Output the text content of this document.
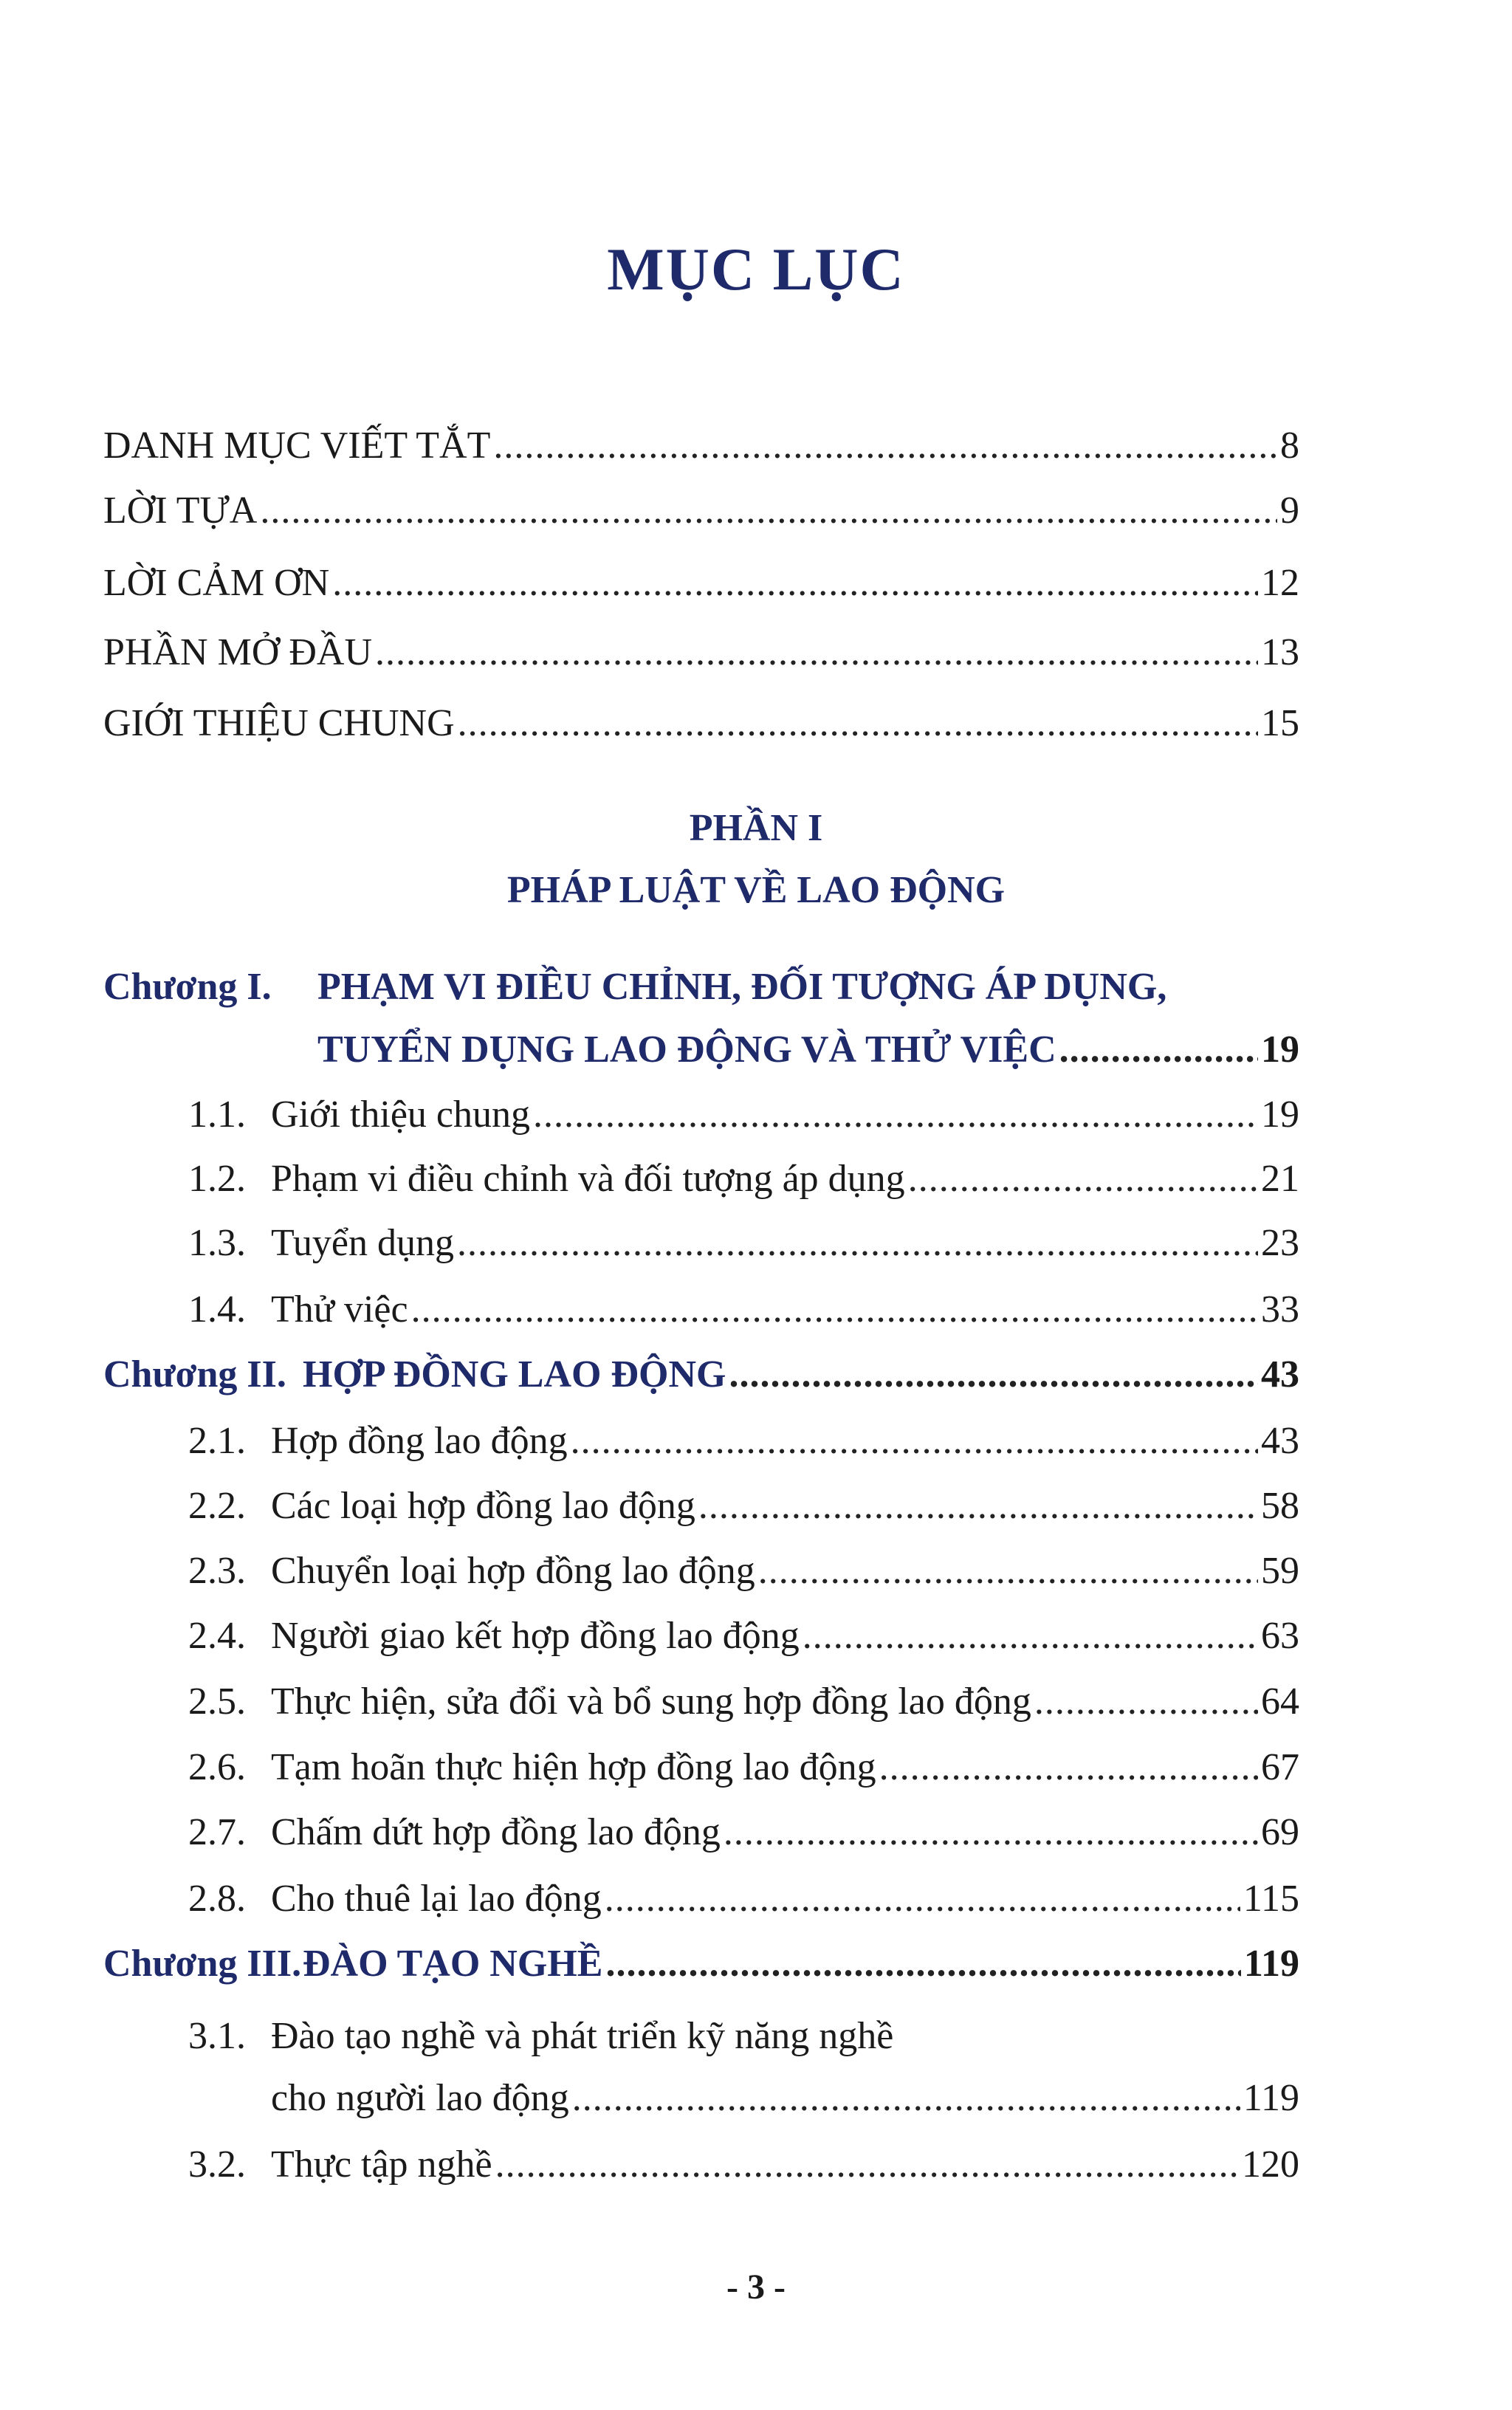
MỤC LỤC
DANH MỤC VIẾT TẮT . . .	8
LỜI TỰA . . .	9
LỜI CẢM ƠN . . .	12
PHẦN MỞ ĐẦU . . .	13
GIỚI THIỆU CHUNG . . .	15
PHẦN I
PHÁP LUẬT VỀ LAO ĐỘNG
Chương I. PHẠM VI ĐIỀU CHỈNH, ĐỐI TƯỢNG ÁP DỤNG,
TUYỂN DỤNG LAO ĐỘNG VÀ THỬ VIỆC . . .	19
1.1. Giới thiệu chung . . .	19
1.2. Phạm vi điều chỉnh và đối tượng áp dụng . . .	21
1.3. Tuyển dụng . . .	23
1.4. Thử việc . . .	33
Chương II. HỢP ĐỒNG LAO ĐỘNG . . .	43
2.1. Hợp đồng lao động . . .	43
2.2. Các loại hợp đồng lao động . . .	58
2.3. Chuyển loại hợp đồng lao động . . .	59
2.4. Người giao kết hợp đồng lao động . . .	63
2.5. Thực hiện, sửa đổi và bổ sung hợp đồng lao động . . .	64
2.6. Tạm hoãn thực hiện hợp đồng lao động . . .	67
2.7. Chấm dứt hợp đồng lao động . . .	69
2.8. Cho thuê lại lao động . . .	115
Chương III.ĐÀO TẠO NGHỀ . . .	119
3.1. Đào tạo nghề và phát triển kỹ năng nghề
cho người lao động . . .	119
3.2. Thực tập nghề . . .	120
- 3 -
